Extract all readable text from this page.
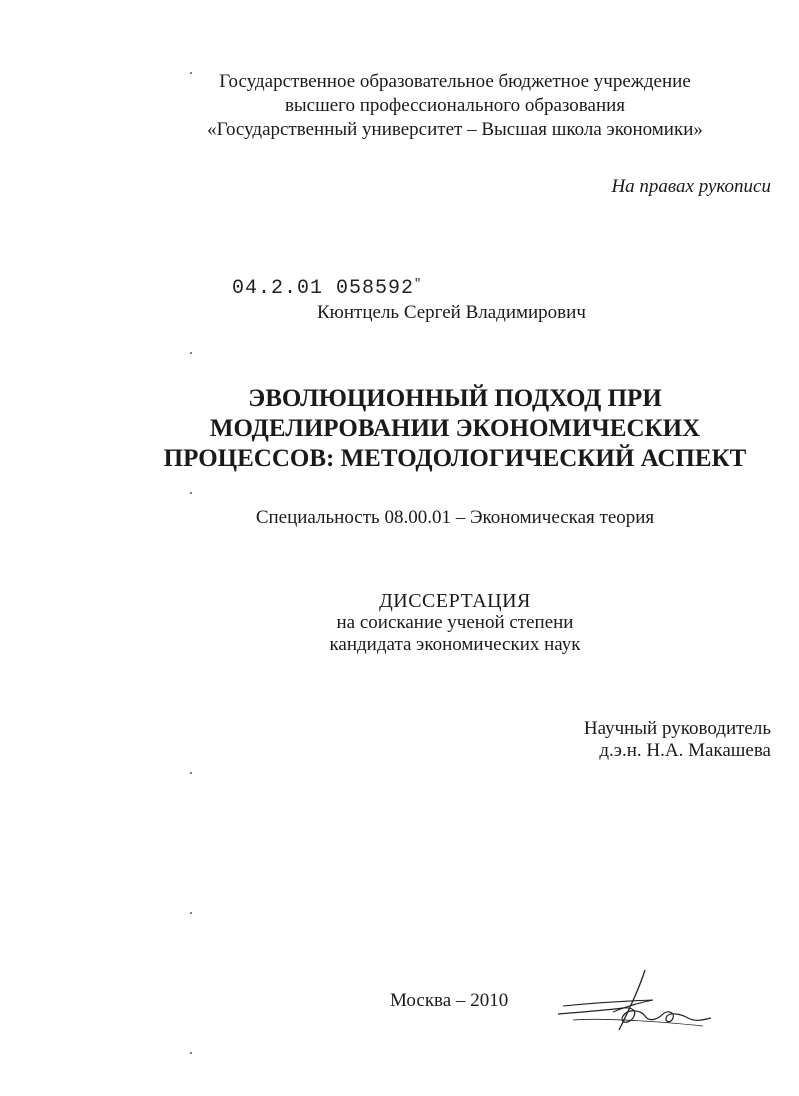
Государственное образовательное бюджетное учреждение
высшего профессионального образования
«Государственный университет – Высшая школа экономики»
На правах рукописи
04.2.01 058592″
Кюнтцель Сергей Владимирович
ЭВОЛЮЦИОННЫЙ ПОДХОД ПРИ
МОДЕЛИРОВАНИИ ЭКОНОМИЧЕСКИХ
ПРОЦЕССОВ: МЕТОДОЛОГИЧЕСКИЙ АСПЕКТ
Специальность 08.00.01 – Экономическая теория
ДИССЕРТАЦИЯ
на соискание ученой степени
кандидата экономических наук
Научный руководитель
д.э.н. Н.А. Макашева
Москва – 2010
